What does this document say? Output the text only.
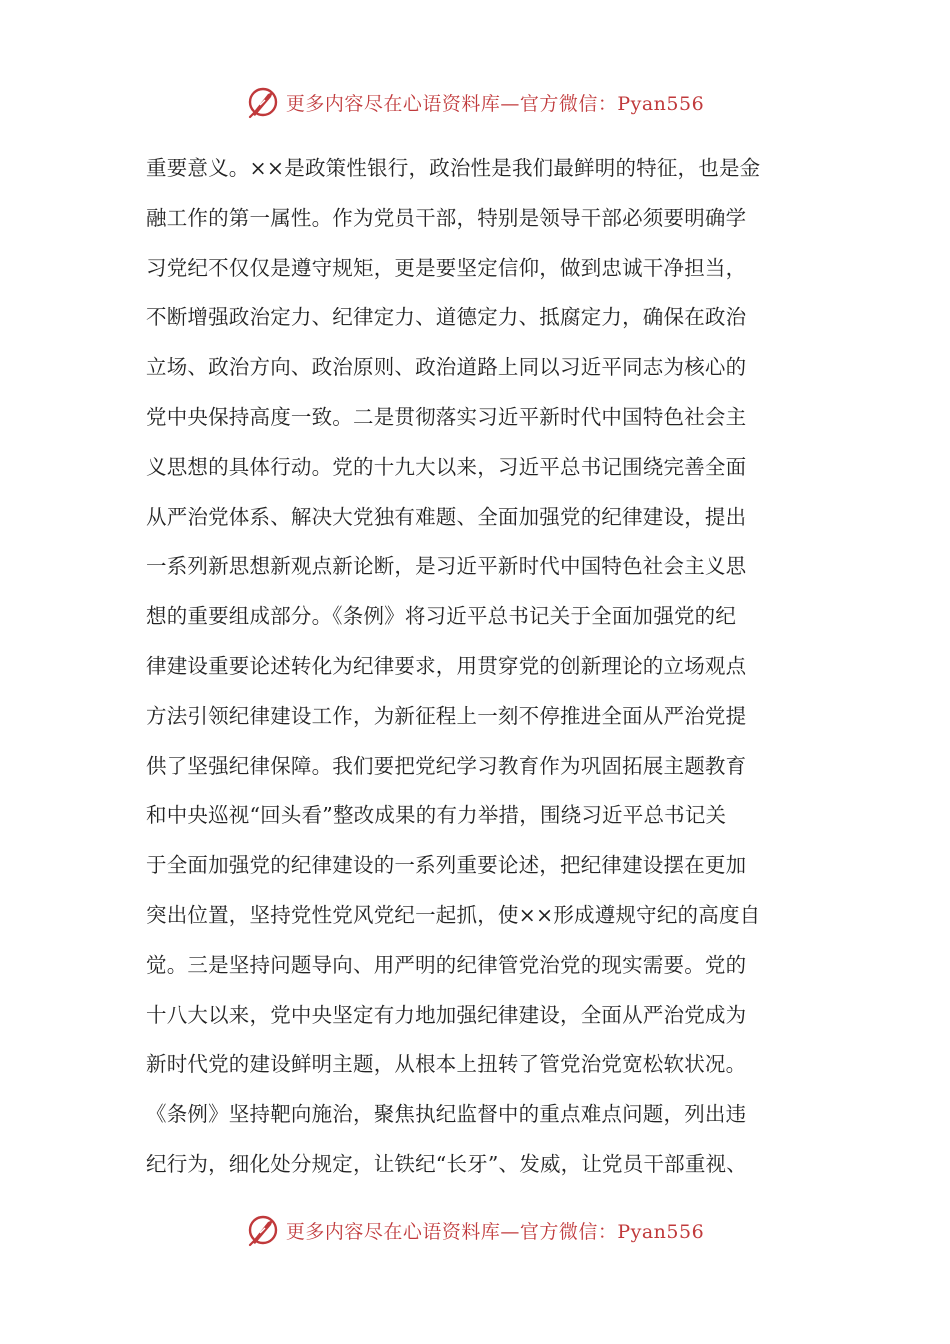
更多内容尽在心语资料库—官方微信：Pyan556
重要意义。××是政策性银行，政治性是我们最鲜明的特征，也是金
融工作的第一属性。作为党员干部，特别是领导干部必须要明确学
习党纪不仅仅是遵守规矩，更是要坚定信仰，做到忠诚干净担当，
不断增强政治定力、纪律定力、道德定力、抵腐定力，确保在政治
立场、政治方向、政治原则、政治道路上同以习近平同志为核心的
党中央保持高度一致。二是贯彻落实习近平新时代中国特色社会主
义思想的具体行动。党的十九大以来，习近平总书记围绕完善全面
从严治党体系、解决大党独有难题、全面加强党的纪律建设，提出
一系列新思想新观点新论断，是习近平新时代中国特色社会主义思
想的重要组成部分。《条例》将习近平总书记关于全面加强党的纪
律建设重要论述转化为纪律要求，用贯穿党的创新理论的立场观点
方法引领纪律建设工作，为新征程上一刻不停推进全面从严治党提
供了坚强纪律保障。我们要把党纪学习教育作为巩固拓展主题教育
和中央巡视“回头看”整改成果的有力举措，围绕习近平总书记关
于全面加强党的纪律建设的一系列重要论述，把纪律建设摆在更加
突出位置，坚持党性党风党纪一起抓，使××形成遵规守纪的高度自
觉。三是坚持问题导向、用严明的纪律管党治党的现实需要。党的
十八大以来，党中央坚定有力地加强纪律建设，全面从严治党成为
新时代党的建设鲜明主题，从根本上扭转了管党治党宽松软状况。
《条例》坚持靶向施治，聚焦执纪监督中的重点难点问题，列出违
纪行为，细化处分规定，让铁纪“长牙”、发威，让党员干部重视、
更多内容尽在心语资料库—官方微信：Pyan556
